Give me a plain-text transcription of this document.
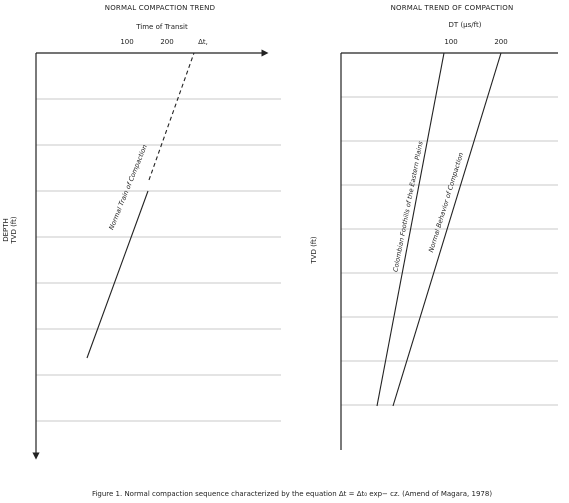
NORMAL COMPACTION TREND
Time of Transit
100	200	Δt,
DEPTH TVD (ft)	Normal Train of Compaction
NORMAL TREND OF COMPACTION
DT (μs/ft)
100	200
TVD (ft)	Colombian Foothills of the Eastern Plains Normal Behavior of Compaction
Figure 1. Normal compaction sequence characterized by the equation Δt = Δt₀ exp− cz. (Amend of Magara, 1978)
